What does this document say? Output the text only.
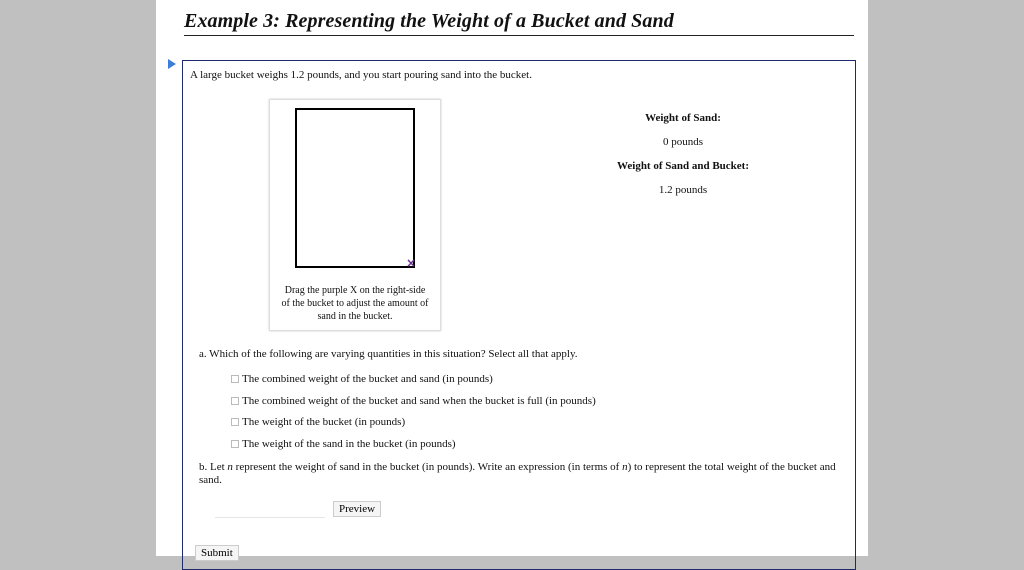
Example 3: Representing the Weight of a Bucket and Sand
A large bucket weighs 1.2 pounds, and you start pouring sand into the bucket.
×
Drag the purple X on the right-side of the bucket to adjust the amount of sand in the bucket.
Weight of Sand:
0 pounds
Weight of Sand and Bucket:
1.2 pounds
a. Which of the following are varying quantities in this situation? Select all that apply.
The combined weight of the bucket and sand (in pounds)
The combined weight of the bucket and sand when the bucket is full (in pounds)
The weight of the bucket (in pounds)
The weight of the sand in the bucket (in pounds)
b. Let n represent the weight of sand in the bucket (in pounds). Write an expression (in terms of n) to represent the total weight of the bucket and sand.
Preview
Submit
